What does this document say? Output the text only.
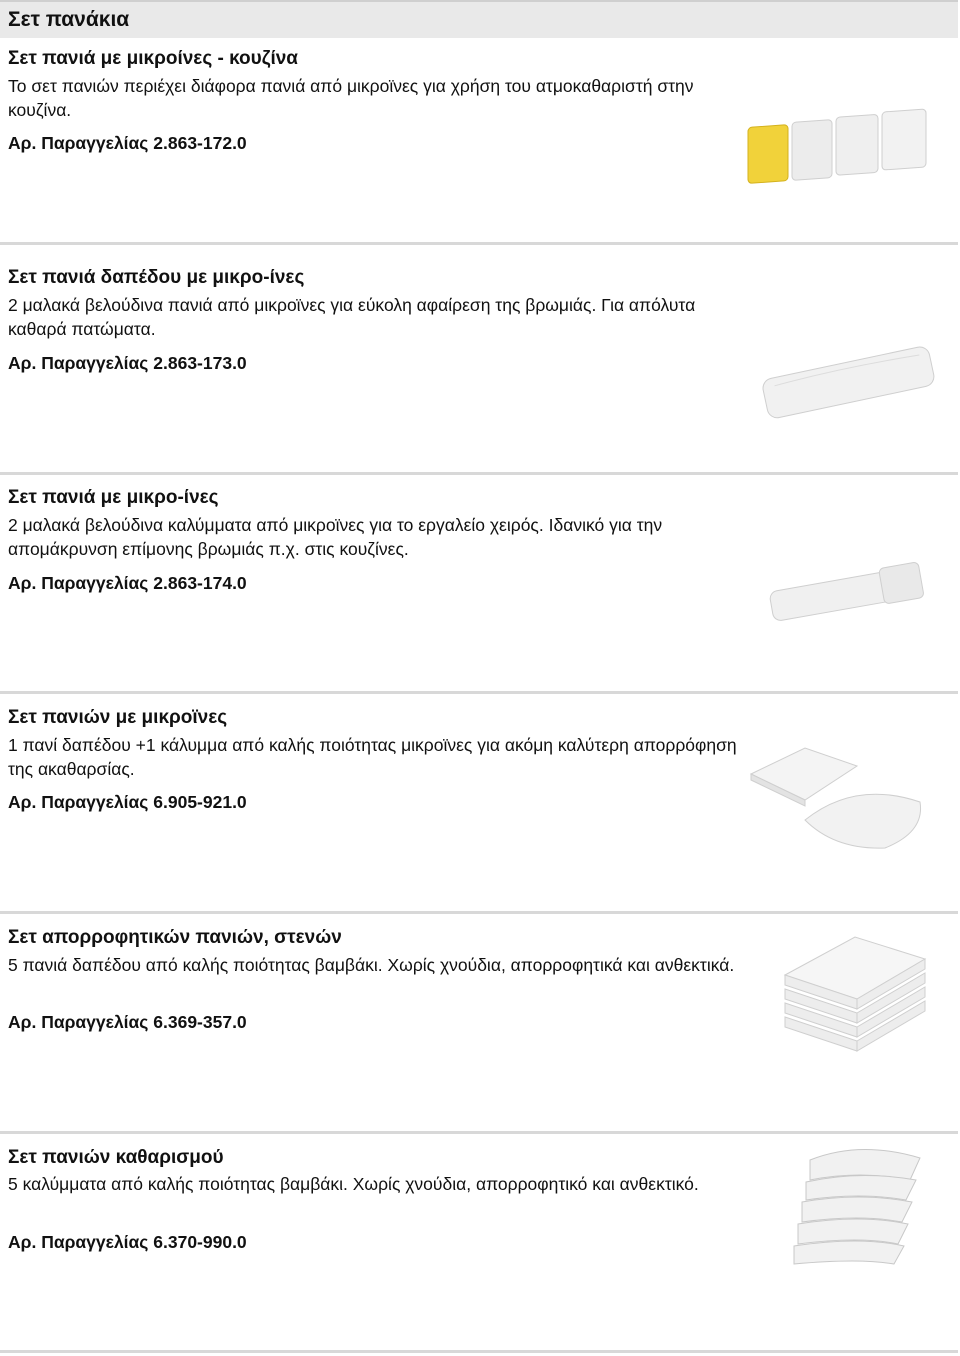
Σετ πανάκια
Σετ πανιά με μικροίνες - κουζίνα
Το σετ πανιών περιέχει διάφορα πανιά από μικροϊνες για χρήση του ατμοκαθαριστή στην κουζίνα.
Αρ. Παραγγελίας 2.863-172.0
Σετ πανιά δαπέδου με μικρο-ίνες
2 μαλακά βελούδινα πανιά από μικροϊνες για εύκολη αφαίρεση της βρωμιάς. Για απόλυτα καθαρά πατώματα.
Αρ. Παραγγελίας 2.863-173.0
Σετ πανιά με μικρο-ίνες
2 μαλακά βελούδινα καλύμματα από μικροϊνες για το εργαλείο χειρός. Ιδανικό για την απομάκρυνση επίμονης βρωμιάς π.χ. στις κουζίνες.
Αρ. Παραγγελίας 2.863-174.0
Σετ πανιών με μικροϊνες
1 πανί δαπέδου +1 κάλυμμα από καλής ποιότητας μικροϊνες για ακόμη καλύτερη απορρόφηση της ακαθαρσίας.
Αρ. Παραγγελίας 6.905-921.0
Σετ απορροφητικών πανιών, στενών
5 πανιά δαπέδου από καλής ποιότητας βαμβάκι. Χωρίς χνούδια, απορροφητικά και ανθεκτικά.
Αρ. Παραγγελίας 6.369-357.0
Σετ πανιών καθαρισμού
5 καλύμματα από καλής ποιότητας βαμβάκι. Χωρίς χνούδια, απορροφητικό και ανθεκτικό.
Αρ. Παραγγελίας 6.370-990.0
